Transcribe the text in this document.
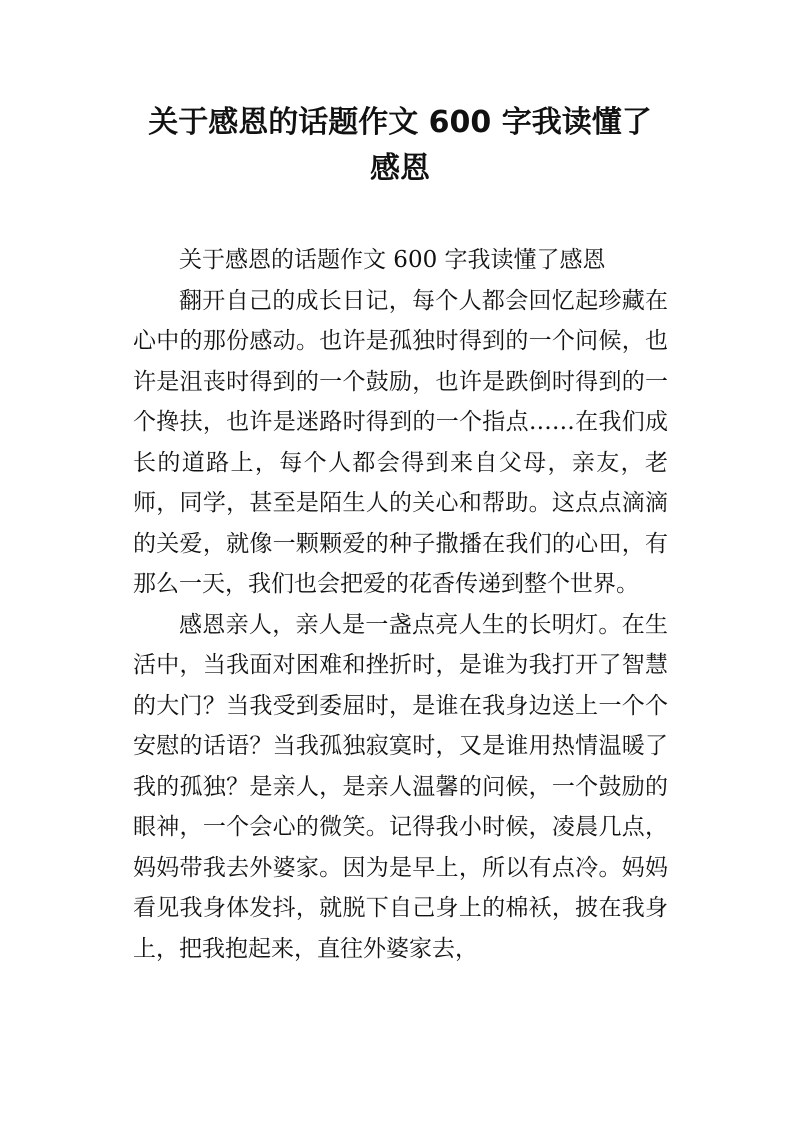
关于感恩的话题作文 600 字我读懂了
感恩

关于感恩的话题作文 600 字我读懂了感恩

翻开自己的成长日记，每个人都会回忆起珍藏在心中的那份感动。也许是孤独时得到的一个问候，也许是沮丧时得到的一个鼓励，也许是跌倒时得到的一个搀扶，也许是迷路时得到的一个指点……在我们成长的道路上，每个人都会得到来自父母，亲友，老师，同学，甚至是陌生人的关心和帮助。这点点滴滴的关爱，就像一颗颗爱的种子撒播在我们的心田，有那么一天，我们也会把爱的花香传递到整个世界。

感恩亲人，亲人是一盏点亮人生的长明灯。在生活中，当我面对困难和挫折时，是谁为我打开了智慧的大门？当我受到委屈时，是谁在我身边送上一个个安慰的话语？当我孤独寂寞时，又是谁用热情温暖了我的孤独？是亲人，是亲人温馨的问候，一个鼓励的眼神，一个会心的微笑。记得我小时候，凌晨几点，妈妈带我去外婆家。因为是早上，所以有点冷。妈妈看见我身体发抖，就脱下自己身上的棉袄，披在我身上，把我抱起来，直往外婆家去，
